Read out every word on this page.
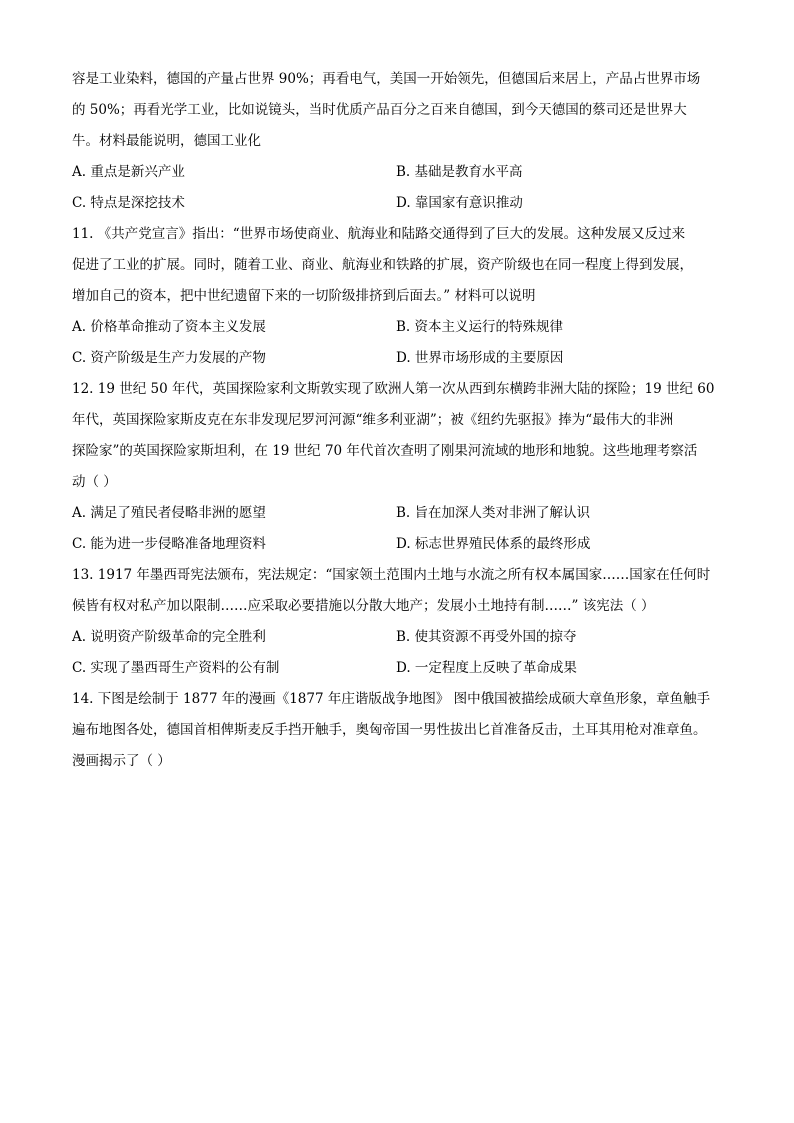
容是工业染料，德国的产量占世界 90%；再看电气，美国一开始领先，但德国后来居上，产品占世界市场
的 50%；再看光学工业，比如说镜头，当时优质产品百分之百来自德国，到今天德国的蔡司还是世界大
牛。材料最能说明，德国工业化
A. 重点是新兴产业	B. 基础是教育水平高
C. 特点是深挖技术	D. 靠国家有意识推动
11. 《共产党宣言》指出：“世界市场使商业、航海业和陆路交通得到了巨大的发展。这种发展又反过来
促进了工业的扩展。同时，随着工业、商业、航海业和铁路的扩展，资产阶级也在同一程度上得到发展，
增加自己的资本，把中世纪遗留下来的一切阶级排挤到后面去。” 材料可以说明
A. 价格革命推动了资本主义发展	B. 资本主义运行的特殊规律
C. 资产阶级是生产力发展的产物	D. 世界市场形成的主要原因
12. 19 世纪 50 年代，英国探险家利文斯敦实现了欧洲人第一次从西到东横跨非洲大陆的探险；19 世纪 60
年代，英国探险家斯皮克在东非发现尼罗河河源“维多利亚湖”；被《纽约先驱报》捧为“最伟大的非洲
探险家”的英国探险家斯坦利，在 19 世纪 70 年代首次查明了刚果河流域的地形和地貌。这些地理考察活
动（ ）
A. 满足了殖民者侵略非洲的愿望	B. 旨在加深人类对非洲了解认识
C. 能为进一步侵略准备地理资料	D. 标志世界殖民体系的最终形成
13. 1917 年墨西哥宪法颁布，宪法规定：“国家领土范围内土地与水流之所有权本属国家……国家在任何时
候皆有权对私产加以限制……应采取必要措施以分散大地产；发展小土地持有制……” 该宪法（ ）
A. 说明资产阶级革命的完全胜利	B. 使其资源不再受外国的掠夺
C. 实现了墨西哥生产资料的公有制	D. 一定程度上反映了革命成果
14. 下图是绘制于 1877 年的漫画《1877 年庄谐版战争地图》 图中俄国被描绘成硕大章鱼形象，章鱼触手
遍布地图各处，德国首相俾斯麦反手挡开触手，奥匈帝国一男性拔出匕首准备反击，土耳其用枪对准章鱼。
漫画揭示了（ ）
